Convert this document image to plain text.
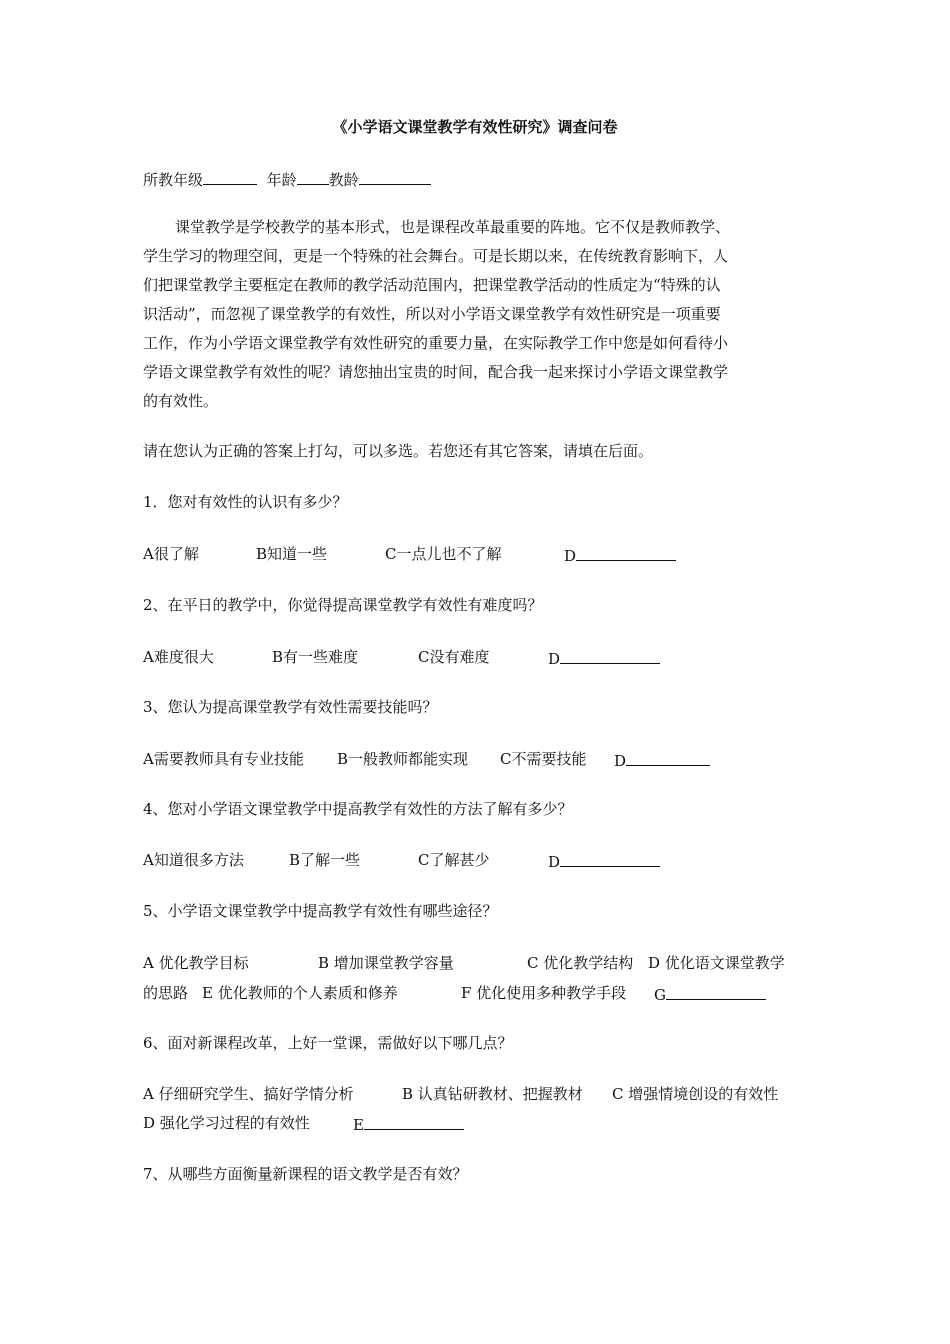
《小学语文课堂教学有效性研究》调查问卷
所教年级	年龄 教龄
课堂教学是学校教学的基本形式，也是课程改革最重要的阵地。它不仅是教师教学、
学生学习的物理空间，更是一个特殊的社会舞台。可是长期以来，在传统教育影响下，人
们把课堂教学主要框定在教师的教学活动范围内，把课堂教学活动的性质定为“特殊的认
识活动”，而忽视了课堂教学的有效性，所以对小学语文课堂教学有效性研究是一项重要
工作，作为小学语文课堂教学有效性研究的重要力量，在实际教学工作中您是如何看待小
学语文课堂教学有效性的呢？请您抽出宝贵的时间，配合我一起来探讨小学语文课堂教学
的有效性。
请在您认为正确的答案上打勾，可以多选。若您还有其它答案，请填在后面。
1．您对有效性的认识有多少？
A很了解	B知道一些	C一点儿也不了解	D
2、在平日的教学中，你觉得提高课堂教学有效性有难度吗？
A难度很大	B有一些难度	C没有难度	D
3、您认为提高课堂教学有效性需要技能吗？
A需要教师具有专业技能 B一般教师都能实现 C不需要技能 D
4、您对小学语文课堂教学中提高教学有效性的方法了解有多少？
A知道很多方法	B了解一些	C了解甚少	D
5、小学语文课堂教学中提高教学有效性有哪些途径？
A 优化教学目标	B 增加课堂教学容量	C 优化教学结构 D 优化语文课堂教学
的思路 E 优化教师的个人素质和修养	F 优化使用多种教学手段 G
6、面对新课程改革，上好一堂课，需做好以下哪几点？
A 仔细研究学生、搞好学情分析	B 认真钻研教材、把握教材 C 增强情境创设的有效性
D 强化学习过程的有效性	E
7、从哪些方面衡量新课程的语文教学是否有效？
